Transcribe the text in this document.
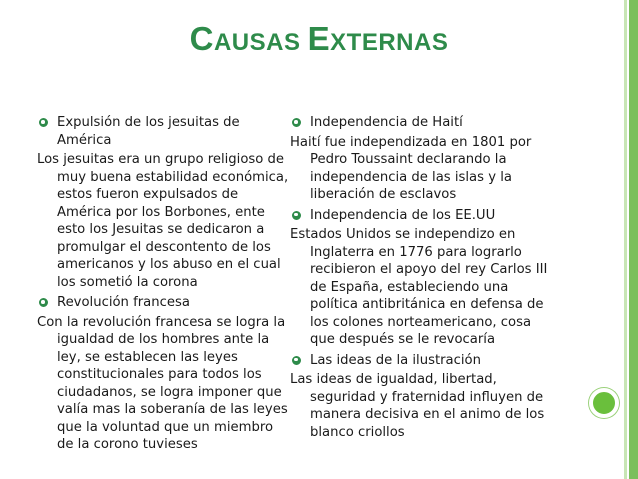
CAUSAS EXTERNAS
Expulsión de los jesuitas de América
Los jesuitas era un grupo religioso de muy buena estabilidad económica, estos fueron expulsados de América por los Borbones, ente esto los Jesuitas se dedicaron a promulgar el descontento de los americanos y los abuso en el cual los sometió la corona
Revolución francesa
Con la revolución francesa se logra la igualdad de los hombres ante la ley, se establecen las leyes constitucionales para todos los ciudadanos, se logra imponer que valía mas la soberanía de las leyes que la voluntad que un miembro de la corono tuvieses
Independencia de Haití
Haití fue independizada en 1801 por Pedro Toussaint declarando la independencia de las islas y la liberación de esclavos
Independencia de los EE.UU
Estados Unidos se independizo en Inglaterra en 1776 para lograrlo recibieron el apoyo del rey Carlos III de España, estableciendo una política antibritánica en defensa de los colones norteamericano, cosa que después se le revocaría
Las ideas de la ilustración
Las ideas de igualdad, libertad, seguridad y fraternidad influyen de manera decisiva en el animo de los blanco criollos
